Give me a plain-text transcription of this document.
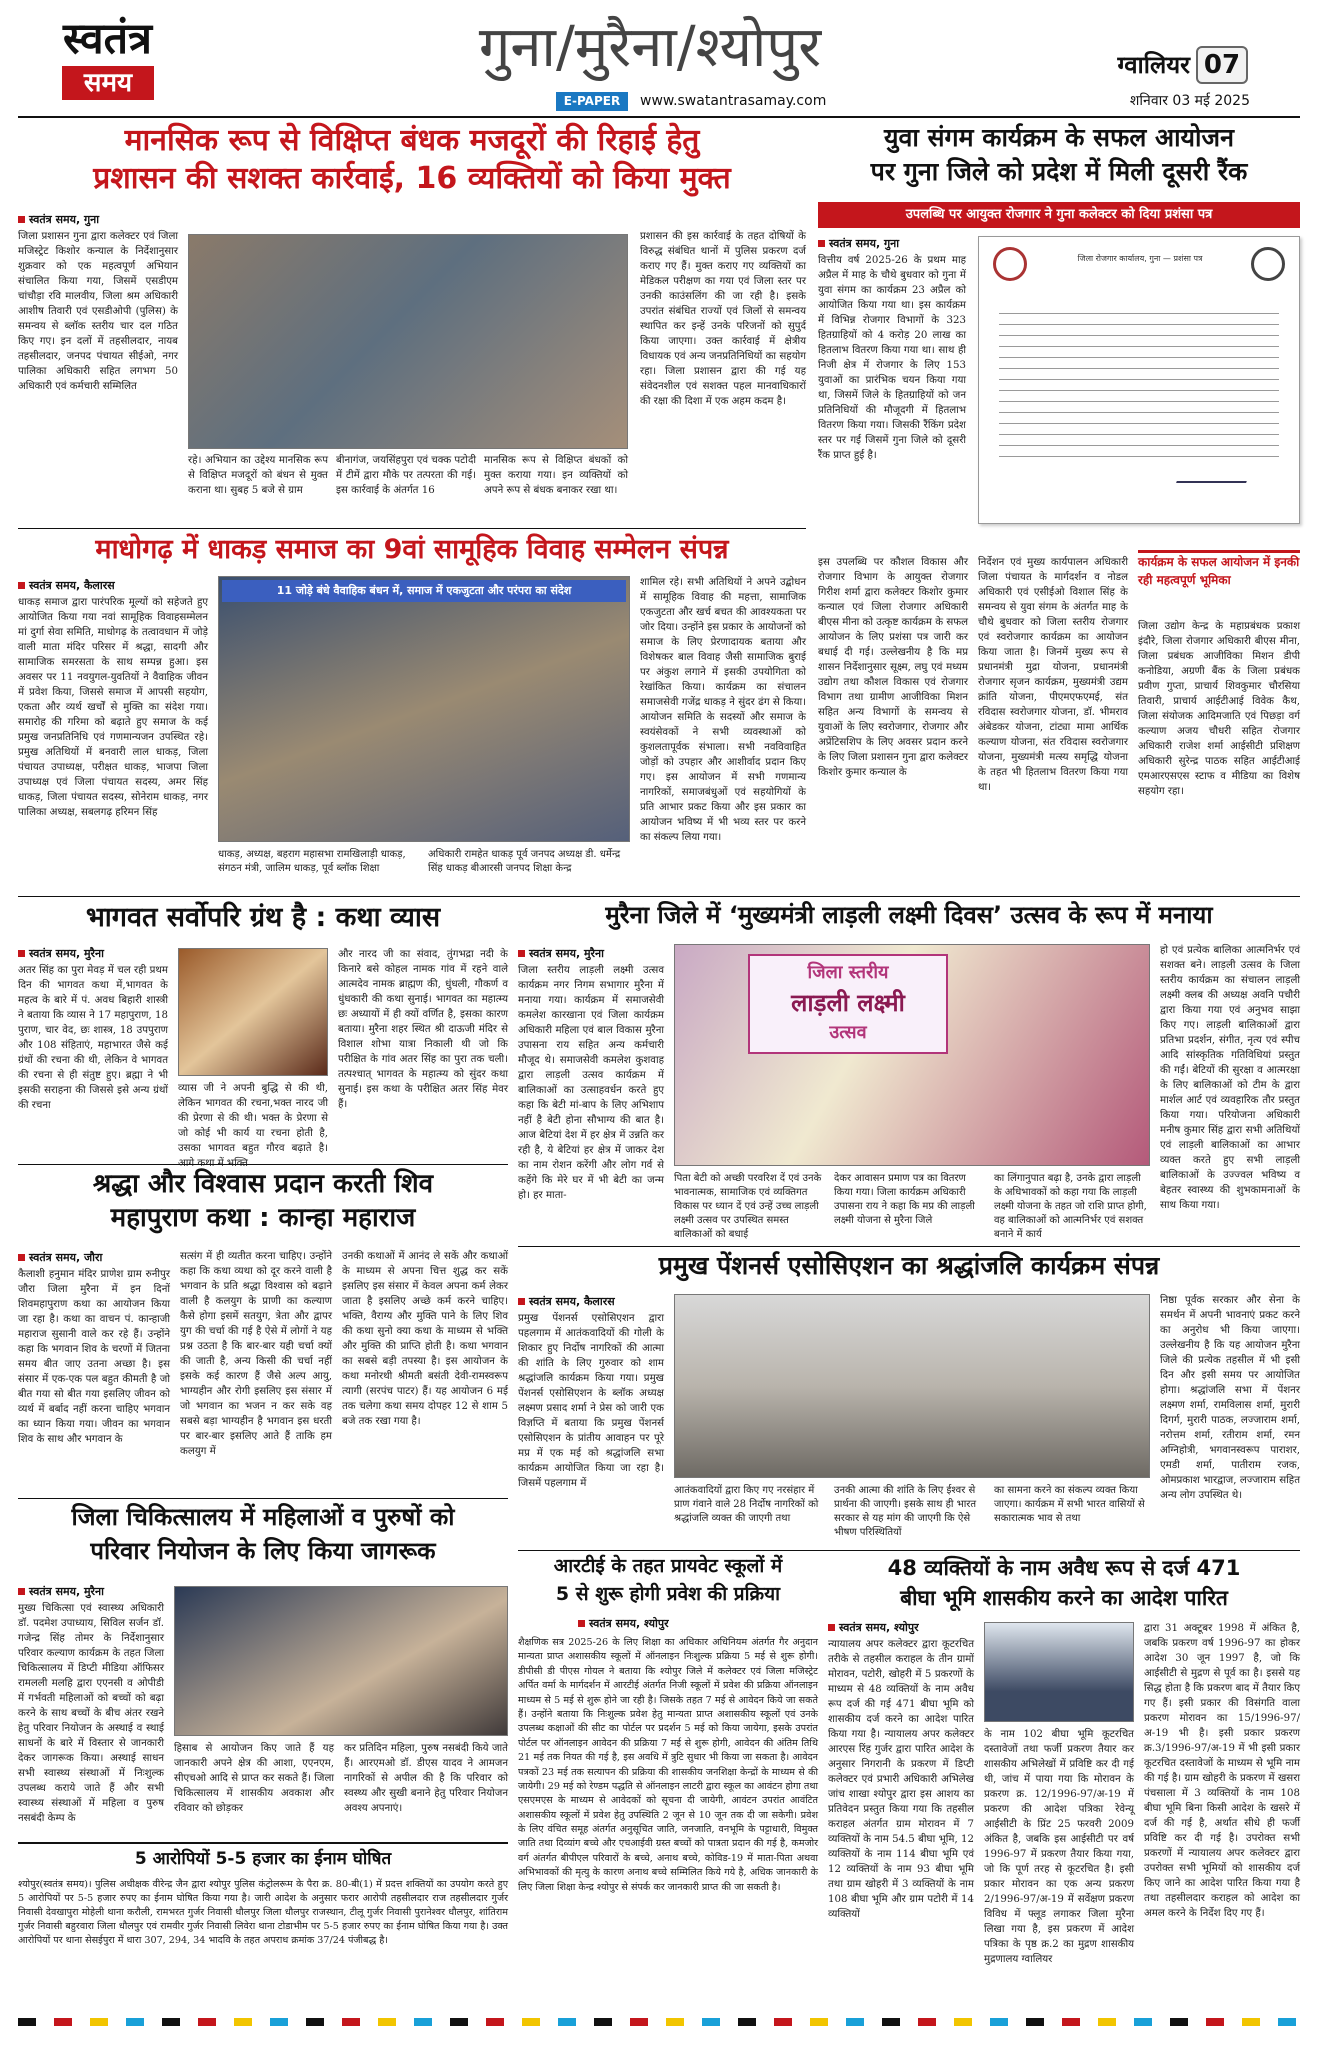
स्वतंत्र
समय
गुना/मुरैना/श्योपुर
E-PAPER	www.swatantrasamay.com
ग्वालियर 07
शनिवार 03 मई 2025
मानसिक रूप से विक्षिप्त बंधक मजदूरों की रिहाई हेतु
प्रशासन की सशक्त कार्रवाई, 16 व्यक्तियों को किया मुक्त
स्वतंत्र समय, गुना
जिला प्रशासन गुना द्वारा कलेक्टर एवं जिला मजिस्ट्रेट किशोर कन्याल के निर्देशानुसार शुक्रवार को एक महत्वपूर्ण अभियान संचालित किया गया, जिसमें एसडीएम चांचौड़ा रवि मालवीय, जिला श्रम अधिकारी आशीष तिवारी एवं एसडीओपी (पुलिस) के समन्वय से ब्लॉक स्तरीय चार दल गठित किए गए। इन दलों में तहसीलदार, नायब तहसीलदार, जनपद पंचायत सीईओ, नगर पालिका अधिकारी सहित लगभग 50 अधिकारी एवं कर्मचारी सम्मिलित
रहे। अभियान का उद्देश्य मानसिक रूप से विक्षिप्त मजदूरों को बंधन से मुक्त कराना था। सुबह 5 बजे से ग्राम
बीनागंज, जयसिंहपुरा एवं चक्क पटोदी में टीमें द्वारा मौके पर तत्परता की गई। इस कार्रवाई के अंतर्गत 16
मानसिक रूप से विक्षिप्त बंधकों को मुक्त कराया गया। इन व्यक्तियों को अपने रूप से बंधक बनाकर रखा था।
प्रशासन की इस कार्रवाई के तहत दोषियों के विरुद्ध संबंधित थानों में पुलिस प्रकरण दर्ज कराए गए हैं। मुक्त कराए गए व्यक्तियों का मेडिकल परीक्षण का गया एवं जिला स्तर पर उनकी काउंसलिंग की जा रही है। इसके उपरांत संबंधित राज्यों एवं जिलों से समन्वय स्थापित कर इन्हें उनके परिजनों को सुपुर्द किया जाएगा। उक्त कार्रवाई में क्षेत्रीय विधायक एवं अन्य जनप्रतिनिधियों का सहयोग रहा। जिला प्रशासन द्वारा की गई यह संवेदनशील एवं सशक्त पहल मानवाधिकारों की रक्षा की दिशा में एक अहम कदम है।
युवा संगम कार्यक्रम के सफल आयोजन
पर गुना जिले को प्रदेश में मिली दूसरी रैंक
उपलब्धि पर आयुक्त रोजगार ने गुना कलेक्टर को दिया प्रशंसा पत्र
स्वतंत्र समय, गुना
वित्तीय वर्ष 2025-26 के प्रथम माह अप्रैल में माह के चौथे बुधवार को गुना में युवा संगम का कार्यक्रम 23 अप्रैल को आयोजित किया गया था। इस कार्यक्रम में विभिन्न रोजगार विभागों के 323 हितग्राहियों को 4 करोड़ 20 लाख का हितलाभ वितरण किया गया था। साथ ही निजी क्षेत्र में रोजगार के लिए 153 युवाओं का प्रारंभिक चयन किया गया था, जिसमें जिले के हितग्राहियों को जन प्रतिनिधियों की मौजूदगी में हितलाभ वितरण किया गया। जिसकी रैंकिंग प्रदेश स्तर पर गई जिसमें गुना जिले को दूसरी रैंक प्राप्त हुई है।
जिला रोजगार कार्यालय, गुना — प्रशंसा पत्र
माधोगढ़ में धाकड़ समाज का 9वां सामूहिक विवाह सम्मेलन संपन्न
स्वतंत्र समय, कैलारस
धाकड़ समाज द्वारा पारंपरिक मूल्यों को सहेजते हुए आयोजित किया गया नवां सामूहिक विवाहसम्मेलन मां दुर्गा सेवा समिति, माधोगढ़ के तत्वावधान में जोड़े वाली माता मंदिर परिसर में श्रद्धा, सादगी और सामाजिक समरसता के साथ सम्पन्न हुआ। इस अवसर पर 11 नवयुगल-युवतियों ने वैवाहिक जीवन में प्रवेश किया, जिससे समाज में आपसी सहयोग, एकता और व्यर्थ खर्चों से मुक्ति का संदेश गया। समारोह की गरिमा को बढ़ाते हुए समाज के कई प्रमुख जनप्रतिनिधि एवं गणमान्यजन उपस्थित रहे। प्रमुख अतिथियों में बनवारी लाल धाकड़, जिला पंचायत उपाध्यक्ष, परीक्षत धाकड़, भाजपा जिला उपाध्यक्ष एवं जिला पंचायत सदस्य, अमर सिंह धाकड़, जिला पंचायत सदस्य, सोनेराम धाकड़, नगर पालिका अध्यक्ष, सबलगढ़ हरिमन सिंह
11 जोड़े बंधे वैवाहिक बंधन में, समाज में एकजुटता और परंपरा का संदेश
धाकड़, अध्यक्ष, बहराग महासभा रामखिलाड़ी धाकड़, संगठन मंत्री, जालिम धाकड़, पूर्व ब्लॉक शिक्षा
अधिकारी रामहेत धाकड़ पूर्व जनपद अध्यक्ष डी. धर्मेन्द्र सिंह धाकड़ बीआरसी जनपद शिक्षा केन्द्र
शामिल रहे। सभी अतिथियों ने अपने उद्बोधन में सामूहिक विवाह की महत्ता, सामाजिक एकजुटता और खर्च बचत की आवश्यकता पर जोर दिया। उन्होंने इस प्रकार के आयोजनों को समाज के लिए प्रेरणादायक बताया और विशेषकर बाल विवाह जैसी सामाजिक बुराई पर अंकुश लगाने में इसकी उपयोगिता को रेखांकित किया। कार्यक्रम का संचालन समाजसेवी गजेंद्र धाकड़ ने सुंदर ढंग से किया। आयोजन समिति के सदस्यों और समाज के स्वयंसेवकों ने सभी व्यवस्थाओं को कुशलतापूर्वक संभाला। सभी नवविवाहित जोड़ों को उपहार और आशीर्वाद प्रदान किए गए। इस आयोजन में सभी गणमान्य नागरिकों, समाजबंधुओं एवं सहयोगियों के प्रति आभार प्रकट किया और इस प्रकार का आयोजन भविष्य में भी भव्य स्तर पर करने का संकल्प लिया गया।
इस उपलब्धि पर कौशल विकास और रोजगार विभाग के आयुक्त रोजगार गिरीश शर्मा द्वारा कलेक्टर किशोर कुमार कन्याल एवं जिला रोजगार अधिकारी बीएस मीना को उत्कृष्ट कार्यक्रम के सफल आयोजन के लिए प्रशंसा पत्र जारी कर बधाई दी गई। उल्लेखनीय है कि मप्र शासन निर्देशानुसार सूक्ष्म, लघु एवं मध्यम उद्योग तथा कौशल विकास एवं रोजगार विभाग तथा ग्रामीण आजीविका मिशन सहित अन्य विभागों के समन्वय से युवाओं के लिए स्वरोजगार, रोजगार और अप्रेंटिसशिप के लिए अवसर प्रदान करने के लिए जिला प्रशासन गुना द्वारा कलेक्टर किशोर कुमार कन्याल के
निर्देशन एवं मुख्य कार्यपालन अधिकारी जिला पंचायत के मार्गदर्शन व नोडल अधिकारी एवं एसीईओ विशाल सिंह के समन्वय से युवा संगम के अंतर्गत माह के चौथे बुधवार को जिला स्तरीय रोजगार एवं स्वरोजगार कार्यक्रम का आयोजन किया जाता है। जिनमें मुख्य रूप से प्रधानमंत्री मुद्रा योजना, प्रधानमंत्री रोजगार सृजन कार्यक्रम, मुख्यमंत्री उद्यम क्रांति योजना, पीएमएफएमई, संत रविदास स्वरोजगार योजना, डॉ. भीमराव अंबेडकर योजना, टांट्या मामा आर्थिक कल्याण योजना, संत रविदास स्वरोजगार योजना, मुख्यमंत्री मत्स्य समृद्धि योजना के तहत भी हितलाभ वितरण किया गया था।
कार्यक्रम के सफल आयोजन में इनकी रही महत्वपूर्ण भूमिका
जिला उद्योग केन्द्र के महाप्रबंधक प्रकाश इंदौरे, जिला रोजगार अधिकारी बीएस मीना, जिला प्रबंधक आजीविका मिशन डीपी कनोडिया, अग्रणी बैंक के जिला प्रबंधक प्रवीण गुप्ता, प्राचार्य शिवकुमार चौरसिया तिवारी, प्राचार्य आईटीआई विवेक कैथ, जिला संयोजक आदिमजाति एवं पिछड़ा वर्ग कल्याण अजय चौधरी सहित रोजगार अधिकारी राजेश शर्मा आईसीटी प्रशिक्षण अधिकारी सुरेन्द्र पाठक सहित आईटीआई एमआरएसएस स्टाफ व मीडिया का विशेष सहयोग रहा।
भागवत सर्वोपरि ग्रंथ है : कथा व्यास
स्वतंत्र समय, मुरैना
अतर सिंह का पुरा मेवड़ में चल रही प्रथम दिन की भागवत कथा में,भागवत के महत्व के बारे में पं. अवध बिहारी शास्त्री ने बताया कि व्यास ने 17 महापुराण, 18 पुराण, चार वेद, छः शास्त्र, 18 उपपुराण और 108 संहिताएं, महाभारत जैसे कई ग्रंथों की रचना की थी, लेकिन वे भागवत की रचना से ही संतुष्ट हुए। ब्रह्मा ने भी इसकी सराहना की जिससे इसे अन्य ग्रंथों की रचना
व्यास जी ने अपनी बुद्धि से की थी, लेकिन भागवत की रचना,भक्त नारद जी की प्रेरणा से की थी। भक्त के प्रेरणा से जो कोई भी कार्य या रचना होती है, उसका भागवत बहुत गौरव बढ़ाते है।
और नारद जी का संवाद, तुंगभद्रा नदी के किनारे बसे कोहल नामक गांव में रहने वाले आत्मदेव नामक ब्राह्मण की, धुंधली, गौकर्ण व धुंधकारी की कथा सुनाई। भागवत का महात्म्य छः अध्यायों में ही क्यों वर्णित है, इसका कारण बताया। मुरैना शहर स्थित श्री दाऊजी मंदिर से विशाल शोभा यात्रा निकाली थी जो कि परीक्षित के गांव अतर सिंह का पुरा तक चली। तत्पश्चात् भागवत के महात्म्य को सुंदर कथा सुनाई। इस कथा के परीक्षित अतर सिंह मेवर हैं।
मुरैना जिले में ‘मुख्यमंत्री लाड़ली लक्ष्मी दिवस’ उत्सव के रूप में मनाया
स्वतंत्र समय, मुरैना
जिला स्तरीय लाड़ली लक्ष्मी उत्सव कार्यक्रम नगर निगम सभागार मुरैना में मनाया गया। कार्यक्रम में समाजसेवी कमलेश कारखाना एवं जिला कार्यक्रम अधिकारी महिला एवं बाल विकास मुरैना उपासना राय सहित अन्य कर्मचारी मौजूद थे। समाजसेवी कमलेश कुशवाह द्वारा लाड़ली उत्सव कार्यक्रम में बालिकाओं का उत्साहवर्धन करते हुए कहा कि बेटी मां-बाप के लिए अभिशाप नहीं है बेटी होना सौभाग्य की बात है। आज बेटियां देश में हर क्षेत्र में उन्नति कर रही है, ये बेटियां हर क्षेत्र में जाकर देश का नाम रोशन करेंगी और लोग गर्व से कहेंगे कि मेरे घर में भी बेटी का जन्म हो। हर माता-
जिला स्तरीय
लाड़ली लक्ष्मी
उत्सव
पिता बेटी को अच्छी परवरिश दें एवं उनके भावनात्मक, सामाजिक एवं व्यक्तिगत विकास पर ध्यान दें एवं उन्हें उच्च लाड़ली लक्ष्मी उत्सव पर उपस्थित समस्त बालिकाओं को बधाई
देकर आवासन प्रमाण पत्र का वितरण किया गया। जिला कार्यक्रम अधिकारी उपासना राय ने कहा कि मप्र की लाड़ली लक्ष्मी योजना से मुरैना जिले
का लिंगानुपात बढ़ा है, उनके द्वारा लाड़ली के अधिभावकों को कहा गया कि लाड़ली लक्ष्मी योजना के तहत जो राशि प्राप्त होगी, वह बालिकाओं को आत्मनिर्भर एवं सशक्त बनाने में कार्य
हो एवं प्रत्येक बालिका आत्मनिर्भर एवं सशक्त बने। लाड़ली उत्सव के जिला स्तरीय कार्यक्रम का संचालन लाड़ली लक्ष्मी क्लब की अध्यक्ष अवनि पचौरी द्वारा किया गया एवं अनुभव साझा किए गए। लाड़ली बालिकाओं द्वारा प्रतिभा प्रदर्शन, संगीत, नृत्य एवं स्पीच आदि सांस्कृतिक गतिविधियां प्रस्तुत की गईं। बेटियों की सुरक्षा व आत्मरक्षा के लिए बालिकाओं को टीम के द्वारा मार्शल आर्ट एवं व्यवहारिक तौर प्रस्तुत किया गया। परियोजना अधिकारी मनीष कुमार सिंह द्वारा सभी अतिथियों एवं लाड़ली बालिकाओं का आभार व्यक्त करते हुए सभी लाड़ली बालिकाओं के उज्ज्वल भविष्य व बेहतर स्वास्थ्य की शुभकामनाओं के साथ किया गया।
श्रद्धा और विश्वास प्रदान करती शिव
महापुराण कथा : कान्हा महाराज
स्वतंत्र समय, जौरा
कैलाशी हनुमान मंदिर प्राणेश ग्राम रुनीपुर जौरा जिला मुरैना में इन दिनों शिवमहापुराण कथा का आयोजन किया जा रहा है। कथा का वाचन पं. कान्हाजी महाराज सुसानी वाले कर रहे हैं। उन्होंने कहा कि भगवान शिव के चरणों में जितना समय बीत जाए उतना अच्छा है। इस संसार में एक-एक पल बहुत कीमती है जो बीत गया सो बीत गया इसलिए जीवन को व्यर्थ में बर्बाद नहीं करना चाहिए भगवान का ध्यान किया गया। जीवन का भगवान शिव के साथ और भगवान के
सत्संग में ही व्यतीत करना चाहिए। उन्होंने कहा कि कथा व्यथा को दूर करने वाली है भगवान के प्रति श्रद्धा विश्वास को बढ़ाने वाली है कलयुग के प्राणी का कल्याण कैसे होगा इसमें सतयुग, त्रेता और द्वापर युग की चर्चा की गई है ऐसे में लोगों ने यह प्रश्न उठता है कि बार-बार यही चर्चा क्यों की जाती है, अन्य किसी की चर्चा नहीं इसके कई कारण हैं जैसे अल्प आयु, भाग्यहीन और रोगी इसलिए इस संसार में जो भगवान का भजन न कर सके वह सबसे बड़ा भाग्यहीन है भगवान इस धरती पर बार-बार इसलिए आते हैं ताकि हम कलयुग में
उनकी कथाओं में आनंद ले सकें और कथाओं के माध्यम से अपना चित्त शुद्ध कर सकें इसलिए इस संसार में केवल अपना कर्म लेकर जाता है इसलिए अच्छे कर्म करने चाहिए। भक्ति, वैराग्य और मुक्ति पाने के लिए शिव की कथा सुनो क्या कथा के माध्यम से भक्ति और मुक्ति की प्राप्ति होती है। कथा भगवान का सबसे बड़ी तपस्या है। इस आयोजन के कथा मनोरथी श्रीमती बसंती देवी-रामस्वरूप त्यागी (सरपंच पाटर) हैं। यह आयोजन 6 मई तक चलेगा कथा समय दोपहर 12 से शाम 5 बजे तक रखा गया है।
प्रमुख पेंशनर्स एसोसिएशन का श्रद्धांजलि कार्यक्रम संपन्न
स्वतंत्र समय, कैलारस
प्रमुख पेंशनर्स एसोसिएशन द्वारा पहलगाम में आतंकवादियों की गोली के शिकार हुए निर्दोष नागरिकों की आत्मा की शांति के लिए गुरुवार को शाम श्रद्धांजलि कार्यक्रम किया गया। प्रमुख पेंशनर्स एसोसिएशन के ब्लॉक अध्यक्ष लक्ष्मण प्रसाद शर्मा ने प्रेस को जारी एक विज्ञप्ति में बताया कि प्रमुख पेंशनर्स एसोसिएशन के प्रांतीय आवाहन पर पूरे मप्र में एक मई को श्रद्धांजलि सभा कार्यक्रम आयोजित किया जा रहा है। जिसमें पहलगाम में
आतंकवादियों द्वारा किए गए नरसंहार में प्राण गंवाने वाले 28 निर्दोष नागरिकों को श्रद्धांजलि व्यक्त की जाएगी तथा
उनकी आत्मा की शांति के लिए ईश्वर से प्रार्थना की जाएगी। इसके साथ ही भारत सरकार से यह मांग की जाएगी कि ऐसे भीषण परिस्थितियों
का सामना करने का संकल्प व्यक्त किया जाएगा। कार्यक्रम में सभी भारत वासियों से सकारात्मक भाव से तथा
निष्ठा पूर्वक सरकार और सेना के समर्थन में अपनी भावनाएं प्रकट करने का अनुरोध भी किया जाएगा। उल्लेखनीय है कि यह आयोजन मुरैना जिले की प्रत्येक तहसील में भी इसी दिन और इसी समय पर आयोजित होगा। श्रद्धांजलि सभा में पेंशनर लक्ष्मण शर्मा, रामविलास शर्मा, मुरारी दिगर्ग, मुरारी पाठक, लज्जाराम शर्मा, नरोत्तम शर्मा, रतीराम शर्मा, रमन अग्निहोत्री, भगवानस्वरूप पाराशर, एमडी शर्मा, पातीराम रजक, ओमप्रकाश भारद्वाज, लज्जाराम सहित अन्य लोग उपस्थित थे।
जिला चिकित्सालय में महिलाओं व पुरुषों को
परिवार नियोजन के लिए किया जागरूक
स्वतंत्र समय, मुरैना
मुख्य चिकित्सा एवं स्वास्थ्य अधिकारी डॉ. पदमेश उपाध्याय, सिविल सर्जन डॉ. गजेन्द्र सिंह तोमर के निर्देशानुसार परिवार कल्याण कार्यक्रम के तहत जिला चिकित्सालय में डिप्टी मीडिया ऑफिसर रामलली मलहि द्वारा एएनसी व ओपीडी में गर्भवती महिलाओं को बच्चों को बढ़ा करने के साथ बच्चों के बीच अंतर रखने हेतु परिवार नियोजन के अस्थाई व स्थाई साधनों के बारे में विस्तार से जानकारी देकर जागरूक किया। अस्थाई साधन सभी स्वास्थ्य संस्थाओं में निःशुल्क उपलब्ध कराये जाते हैं और सभी स्वास्थ्य संस्थाओं में महिला व पुरुष नसबंदी केम्प के
हिसाब से आयोजन किए जाते हैं यह जानकारी अपने क्षेत्र की आशा, एएनएम, सीएचओ आदि से प्राप्त कर सकते हैं। जिला चिकित्सालय में शासकीय अवकाश और रविवार को छोड़कर
कर प्रतिदिन महिला, पुरुष नसबंदी किये जाते हैं। आरएमओ डॉ. डीएस यादव ने आमजन नागरिकों से अपील की है कि परिवार को स्वस्थ्य और सुखी बनाने हेतु परिवार नियोजन अवश्य अपनाएं।
आरटीई के तहत प्रायवेट स्कूलों में
5 से शुरू होगी प्रवेश की प्रक्रिया
स्वतंत्र समय, श्योपुर
शैक्षणिक सत्र 2025-26 के लिए शिक्षा का अधिकार अधिनियम अंतर्गत गैर अनुदान मान्यता प्राप्त अशासकीय स्कूलों में ऑनलाइन निःशुल्क प्रक्रिया 5 मई से शुरू होगी। डीपीसी डी पीएस गोयल ने बताया कि श्योपुर जिले में कलेक्टर एवं जिला मजिस्ट्रेट अर्पित वर्मा के मार्गदर्शन में आरटीई अंतर्गत निजी स्कूलों में प्रवेश की प्रक्रिया ऑनलाइन माध्यम से 5 मई से शुरू होने जा रही है। जिसके तहत 7 मई से आवेदन किये जा सकते हैं। उन्होंने बताया कि निःशुल्क प्रवेश हेतु मान्यता प्राप्त अशासकीय स्कूलों एवं उनके उपलब्ध कक्षाओं की सीट का पोर्टल पर प्रदर्शन 5 मई को किया जायेगा, इसके उपरांत पोर्टल पर ऑनलाइन आवेदन की प्रक्रिया 7 मई से शुरू होगी, आवेदन की अंतिम तिथि 21 मई तक नियत की गई है, इस अवधि में त्रुटि सुधार भी किया जा सकता है। आवेदन पत्रकों 23 मई तक सत्यापन की प्रक्रिया की शासकीय जनशिक्षा केन्द्रों के माध्यम से की जायेगी। 29 मई को रेण्डम पद्धति से ऑनलाइन लाटरी द्वारा स्कूल का आवंटन होगा तथा एसएमएस के माध्यम से आवेदकों को सूचना दी जायेगी, आवंटन उपरांत आवंटित अशासकीय स्कूलों में प्रवेश हेतु उपस्थिति 2 जून से 10 जून तक दी जा सकेगी। प्रवेश के लिए वंचित समूह अंतर्गत अनुसूचित जाति, जनजाति, वनभूमि के पट्टाधारी, विमुक्त जाति तथा दिव्यांग बच्चे और एचआईवी ग्रस्त बच्चों को पात्रता प्रदान की गई है, कमजोर वर्ग अंतर्गत बीपीएल परिवारों के बच्चे, अनाथ बच्चे, कोविड-19 में माता-पिता अथवा अभिभावकों की मृत्यु के कारण अनाथ बच्चे सम्मिलित किये गये है, अधिक जानकारी के लिए जिला शिक्षा केन्द्र श्योपुर से संपर्क कर जानकारी प्राप्त की जा सकती है।
48 व्यक्तियों के नाम अवैध रूप से दर्ज 471
बीघा भूमि शासकीय करने का आदेश पारित
स्वतंत्र समय, श्योपुर
न्यायालय अपर कलेक्टर द्वारा कूटरचित तरीके से तहसील कराहल के तीन ग्रामों मोरावन, पटोरी, खोहरी में 5 प्रकरणों के माध्यम से 48 व्यक्तियों के नाम अवैध रूप दर्ज की गई 471 बीघा भूमि को शासकीय दर्ज करने का आदेश पारित किया गया है। न्यायालय अपर कलेक्टर आरएस रिंह गुर्जर द्वारा पारित आदेश के अनुसार निगरानी के प्रकरण में डिप्टी कलेक्टर एवं प्रभारी अधिकारी अभिलेख जांच शाखा श्योपुर द्वारा इस आशय का प्रतिवेदन प्रस्तुत किया गया कि तहसील कराहल अंतर्गत ग्राम मोरावन में 7 व्यक्तियों के नाम 54.5 बीघा भूमि, 12 व्यक्तियों के नाम 114 बीघा भूमि एवं 12 व्यक्तियों के नाम 93 बीघा भूमि तथा ग्राम खोहरी में 3 व्यक्तियों के नाम 108 बीघा भूमि और ग्राम पटोरी में 14 व्यक्तियों
के नाम 102 बीघा भूमि कूटरचित दस्तावेजों तथा फर्जी प्रकरण तैयार कर शासकीय अभिलेखों में प्रविष्टि कर दी गई थी, जांच में पाया गया कि मोरावन के प्रकरण क्र. 12/1996-97/अ-19 में प्रकरण की आदेश पत्रिका रेवेन्यू आईसीटी के प्रिंट 25 फरवरी 2009 अंकित है, जबकि इस आईसीटी पर वर्ष 1996-97 में प्रकरण तैयार किया गया, जो कि पूर्ण तरह से कूटरचित है। इसी प्रकार मोरावन का एक अन्य प्रकरण 2/1996-97/अ-19 में सर्वेक्षण प्रकरण विविध में फ्लूड लगाकर जिला मुरैना लिखा गया है, इस प्रकरण में आदेश पत्रिका के पृष्ठ क्र.2 का मुद्रण शासकीय मुद्रणालय ग्वालियर
द्वारा 31 अक्टूबर 1998 में अंकित है, जबकि प्रकरण वर्ष 1996-97 का होकर आदेश 30 जून 1997 है, जो कि आईसीटी से मुद्रण से पूर्व का है। इससे यह सिद्ध होता है कि प्रकरण बाद में तैयार किए गए हैं। इसी प्रकार की विसंगति वाला प्रकरण मोरावन का 15/1996-97/अ-19 भी है। इसी प्रकार प्रकरण क्र.3/1996-97/अ-19 में भी इसी प्रकार कूटरचित दस्तावेजों के माध्यम से भूमि नाम की गई है। ग्राम खोहरी के प्रकरण में खसरा पंचसाला में 3 व्यक्तियों के नाम 108 बीघा भूमि बिना किसी आदेश के खसरे में दर्ज की गई है, अर्थात सीधे ही फर्जी प्रविष्टि कर दी गई है। उपरोक्त सभी प्रकरणों में न्यायालय अपर कलेक्टर द्वारा उपरोक्त सभी भूमियों को शासकीय दर्ज किए जाने का आदेश पारित किया गया है तथा तहसीलदार कराहल को आदेश का अमल करने के निर्देश दिए गए हैं।
5 आरोपियों 5-5 हजार का ईनाम घोषित
श्योपुर(स्वतंत्र समय)। पुलिस अधीक्षक वीरेन्द्र जैन द्वारा श्योपुर पुलिस कंट्रोलरूम के पैरा क्र. 80-बी(1) में प्रदत्त शक्तियों का उपयोग करते हुए 5 आरोपियों पर 5-5 हजार रुपए का ईनाम घोषित किया गया है। जारी आदेश के अनुसार फरार आरोपी तहसीलदार राज तहसीलदार गुर्जर निवासी देवखापुरा मोहेली थाना करौली, रामभरत गुर्जर निवासी धौलपुर जिला धौलपुर राजस्थान, टीलू गुर्जर निवासी पुरानेश्वर धौलपुर, शांतिराम गुर्जर निवासी बहुरवारा जिला धौलपुर एवं रामवीर गुर्जर निवासी लिवेरा थाना टोडाभीम पर 5-5 हजार रुपए का ईनाम घोषित किया गया है। उक्त आरोपियों पर थाना सेसईपुरा में धारा 307, 294, 34 भादवि के तहत अपराध क्रमांक 37/24 पंजीबद्ध है।
